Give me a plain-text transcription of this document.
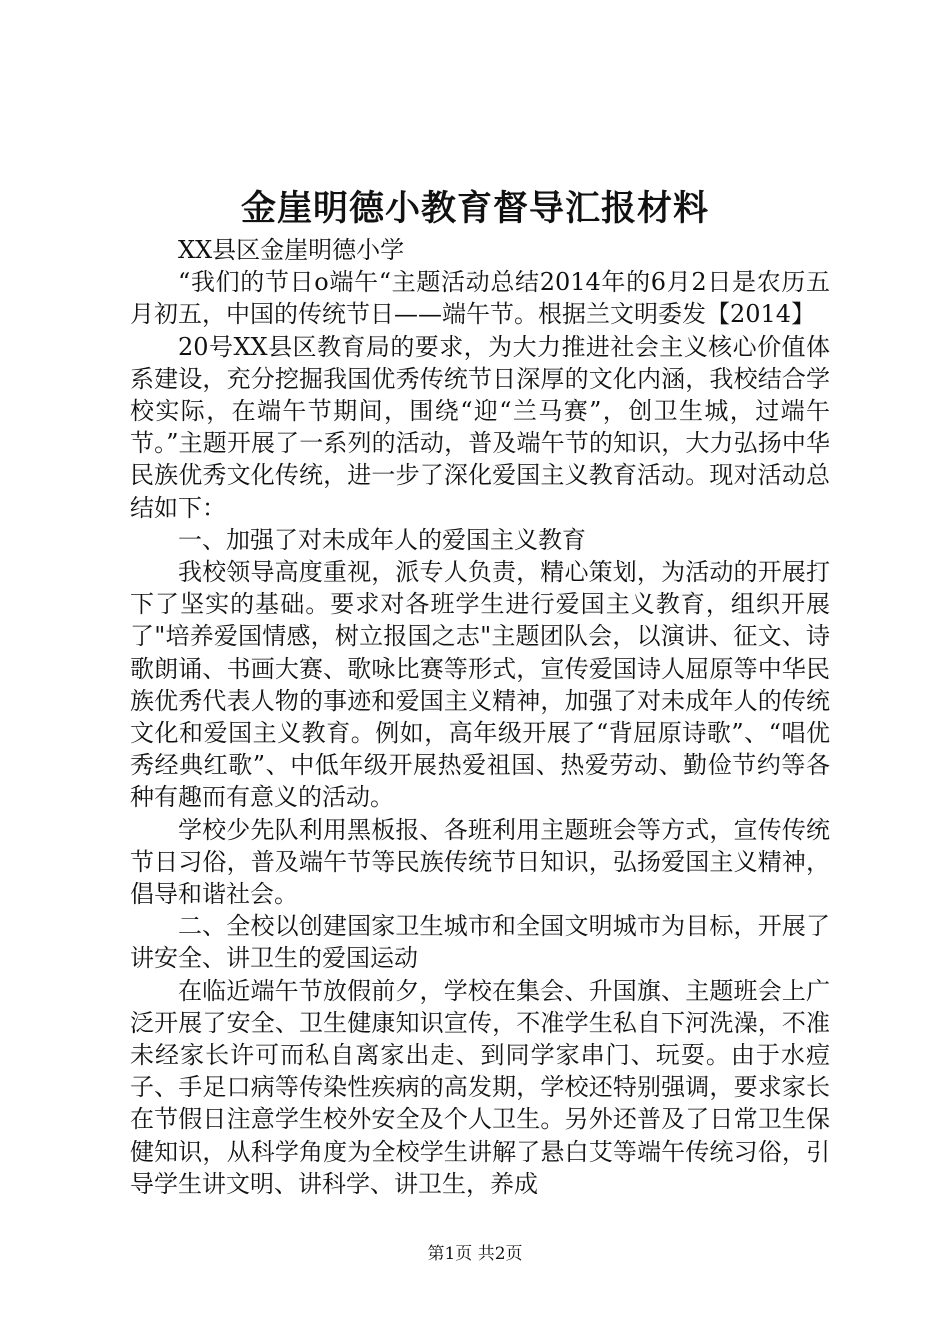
金崖明德小教育督导汇报材料

XX县区金崖明德小学

“我们的节日o端午“主题活动总结2014年的6月2日是农历五月初五，中国的传统节日——端午节。根据兰文明委发【2014】

20号XX县区教育局的要求，为大力推进社会主义核心价值体系建设，充分挖掘我国优秀传统节日深厚的文化内涵，我校结合学校实际，在端午节期间，围绕“迎“兰马赛”，创卫生城，过端午节。”主题开展了一系列的活动，普及端午节的知识，大力弘扬中华民族优秀文化传统，进一步了深化爱国主义教育活动。现对活动总结如下：

一、加强了对未成年人的爱国主义教育

我校领导高度重视，派专人负责，精心策划，为活动的开展打下了坚实的基础。要求对各班学生进行爱国主义教育，组织开展了"培养爱国情感，树立报国之志"主题团队会，以演讲、征文、诗歌朗诵、书画大赛、歌咏比赛等形式，宣传爱国诗人屈原等中华民族优秀代表人物的事迹和爱国主义精神，加强了对未成年人的传统文化和爱国主义教育。例如，高年级开展了“背屈原诗歌”、“唱优秀经典红歌”、中低年级开展热爱祖国、热爱劳动、勤俭节约等各种有趣而有意义的活动。

学校少先队利用黑板报、各班利用主题班会等方式，宣传传统节日习俗，普及端午节等民族传统节日知识，弘扬爱国主义精神，倡导和谐社会。

二、全校以创建国家卫生城市和全国文明城市为目标，开展了讲安全、讲卫生的爱国运动

在临近端午节放假前夕，学校在集会、升国旗、主题班会上广泛开展了安全、卫生健康知识宣传，不准学生私自下河洗澡，不准未经家长许可而私自离家出走、到同学家串门、玩耍。由于水痘子、手足口病等传染性疾病的高发期，学校还特别强调，要求家长在节假日注意学生校外安全及个人卫生。另外还普及了日常卫生保健知识，从科学角度为全校学生讲解了悬白艾等端午传统习俗，引导学生讲文明、讲科学、讲卫生，养成

第1页 共2页
